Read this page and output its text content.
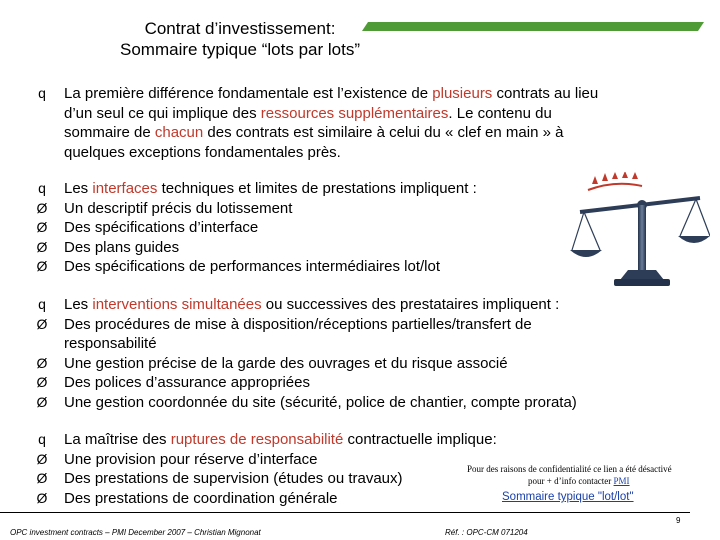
Contrat d’investissement:
Sommaire typique “lots par lots”
q La première différence fondamentale est l’existence de plusieurs contrats au lieu
d’un seul ce qui implique des ressources supplémentaires. Le contenu du
sommaire de chacun des contrats est similaire à celui du « clef en main » à
quelques exceptions fondamentales près.
q
Ø
Ø
Ø
Ø
Les interfaces techniques et limites de prestations impliquent :
Un descriptif précis du lotissement
Des spécifications d’interface
Des plans guides
Des spécifications de performances intermédiaires lot/lot
q
Ø
Ø
Ø
Ø
Les interventions simultanées ou successives des prestataires impliquent :
Des procédures de mise à disposition/réceptions partielles/transfert de
responsabilité
Une gestion précise de la garde des ouvrages et du risque associé
Des polices d’assurance appropriées
Une gestion coordonnée du site (sécurité, police de chantier, compte prorata)
q
Ø
Ø
Ø
La maîtrise des ruptures de responsabilité contractuelle implique:
Une provision pour réserve d’interface
Des prestations de supervision (études ou travaux)
Des prestations de coordination générale
Pour des raisons de confidentialité ce lien a été désactivé
pour + d’info contacter PMI
Sommaire typique "lot/lot"
9
OPC investment contracts – PMI December 2007 – Christian Mignonat	Réf. : OPC-CM 071204
